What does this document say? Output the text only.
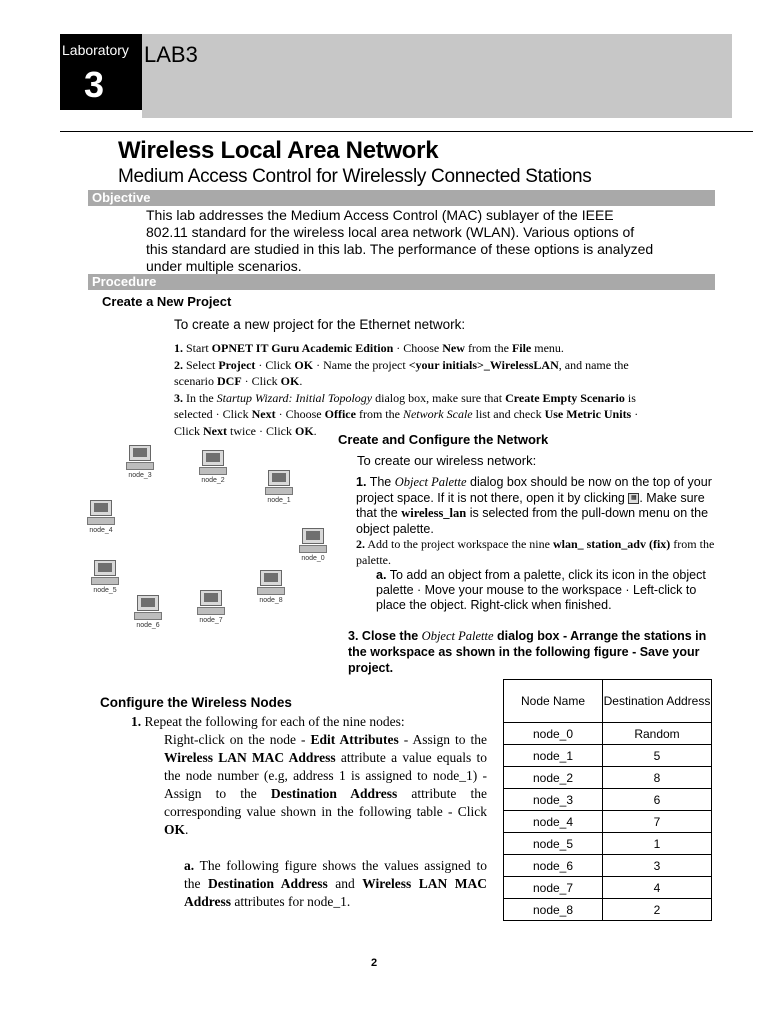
Laboratory
3
LAB3
Wireless Local Area Network
Medium Access Control for Wirelessly Connected Stations
Objective
This lab addresses the Medium Access Control (MAC) sublayer of the IEEE 802.11 standard for the wireless local area network (WLAN). Various options of this standard are studied in this lab. The performance of these options is analyzed under multiple scenarios.
Procedure
Create a New Project
To create a new project for the Ethernet network:
1. Start OPNET IT Guru Academic Edition · Choose New from the File menu.
2. Select Project · Click OK · Name the project <your initials>_WirelessLAN, and name the scenario DCF · Click OK.
3. In the Startup Wizard: Initial Topology dialog box, make sure that Create Empty Scenario is selected · Click Next · Choose Office from the Network Scale list and check Use Metric Units · Click Next twice · Click OK.
Create and Configure the Network
To create our wireless network:
1. The Object Palette dialog box should be now on the top of your project space. If it is not there, open it by clicking ▦ . Make sure that the wireless_lan is selected from the pull-down menu on the object palette.
2. Add to the project workspace the nine wlan_ station_adv (fix) from the palette.
a. To add an object from a palette, click its icon in the object palette · Move your mouse to the workspace · Left-click to place the object. Right-click when finished.
3. Close the Object Palette dialog box - Arrange the stations in the workspace as shown in the following figure - Save your project.
node_3
node_2
node_1
node_4
node_0
node_5
node_8
node_6
node_7
Configure the Wireless Nodes
1. Repeat the following for each of the nine nodes:
Right-click on the node - Edit Attributes - Assign to the Wireless LAN MAC Address attribute a value equals to the node number (e.g, address 1 is assigned to node_1) - Assign to the Destination Address attribute the corresponding value shown in the following table - Click OK.
a. The following figure shows the values assigned to the Destination Address and Wireless LAN MAC Address attributes for node_1.
Node Name	Destination Address
node_0	Random
node_1	5
node_2	8
node_3	6
node_4	7
node_5	1
node_6	3
node_7	4
node_8	2
2
